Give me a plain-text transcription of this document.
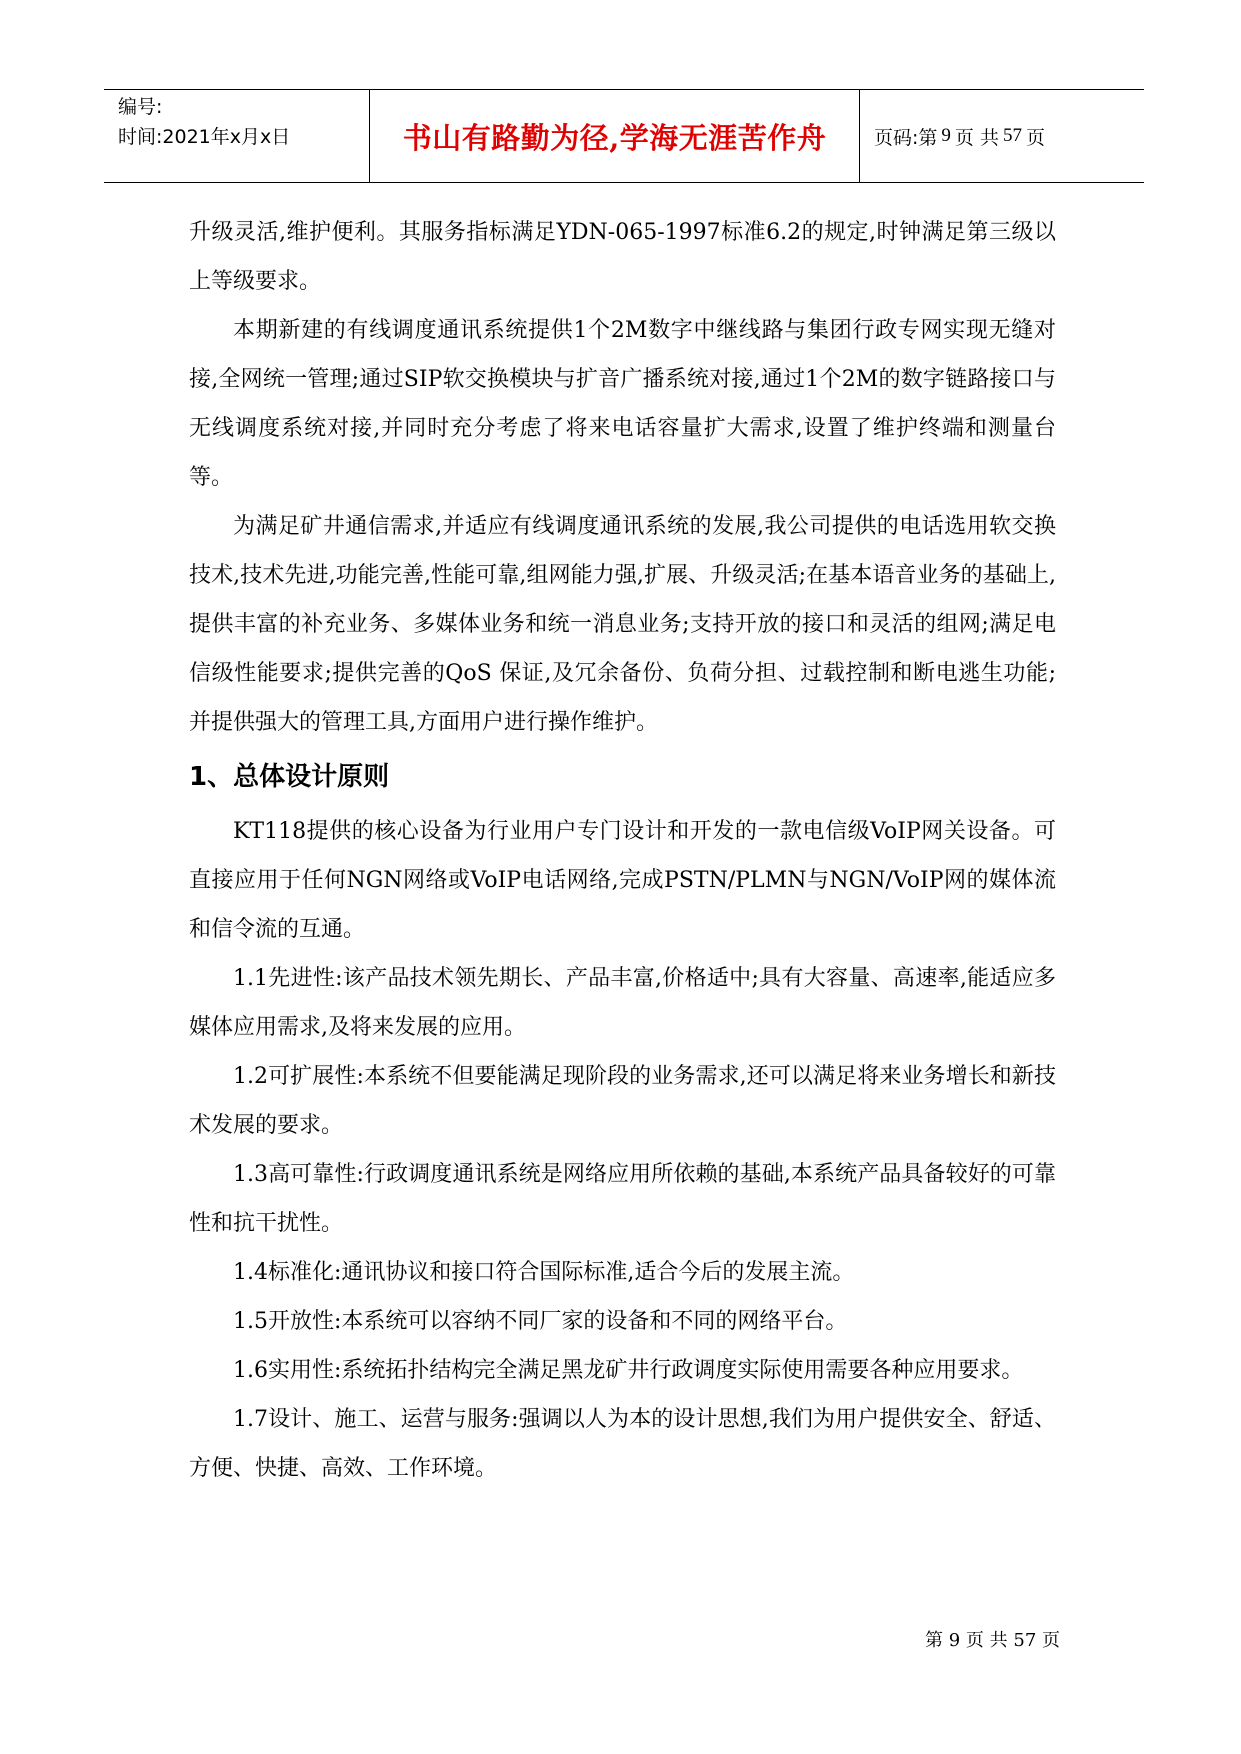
编号:
时间:2021年x月x日	书山有路勤为径,学海无涯苦作舟	页码:第 9 页 共 57 页

升级灵活,维护便利。其服务指标满足YDN-065-1997标准6.2的规定,时钟满足第三级以上等级要求。

本期新建的有线调度通讯系统提供1个2M数字中继线路与集团行政专网实现无缝对接,全网统一管理;通过SIP软交换模块与扩音广播系统对接,通过1个2M的数字链路接口与无线调度系统对接,并同时充分考虑了将来电话容量扩大需求,设置了维护终端和测量台等。

为满足矿井通信需求,并适应有线调度通讯系统的发展,我公司提供的电话选用软交换技术,技术先进,功能完善,性能可靠,组网能力强,扩展、升级灵活;在基本语音业务的基础上,提供丰富的补充业务、多媒体业务和统一消息业务;支持开放的接口和灵活的组网;满足电信级性能要求;提供完善的QoS 保证,及冗余备份、负荷分担、过载控制和断电逃生功能;并提供强大的管理工具,方面用户进行操作维护。

1、总体设计原则

KT118提供的核心设备为行业用户专门设计和开发的一款电信级VoIP网关设备。可直接应用于任何NGN网络或VoIP电话网络,完成PSTN/PLMN与NGN/VoIP网的媒体流和信令流的互通。

1.1先进性:该产品技术领先期长、产品丰富,价格适中;具有大容量、高速率,能适应多媒体应用需求,及将来发展的应用。

1.2可扩展性:本系统不但要能满足现阶段的业务需求,还可以满足将来业务增长和新技术发展的要求。

1.3高可靠性:行政调度通讯系统是网络应用所依赖的基础,本系统产品具备较好的可靠性和抗干扰性。

1.4标准化:通讯协议和接口符合国际标准,适合今后的发展主流。

1.5开放性:本系统可以容纳不同厂家的设备和不同的网络平台。

1.6实用性:系统拓扑结构完全满足黑龙矿井行政调度实际使用需要各种应用要求。

1.7设计、施工、运营与服务:强调以人为本的设计思想,我们为用户提供安全、舒适、方便、快捷、高效、工作环境。

第 9 页 共 57 页
